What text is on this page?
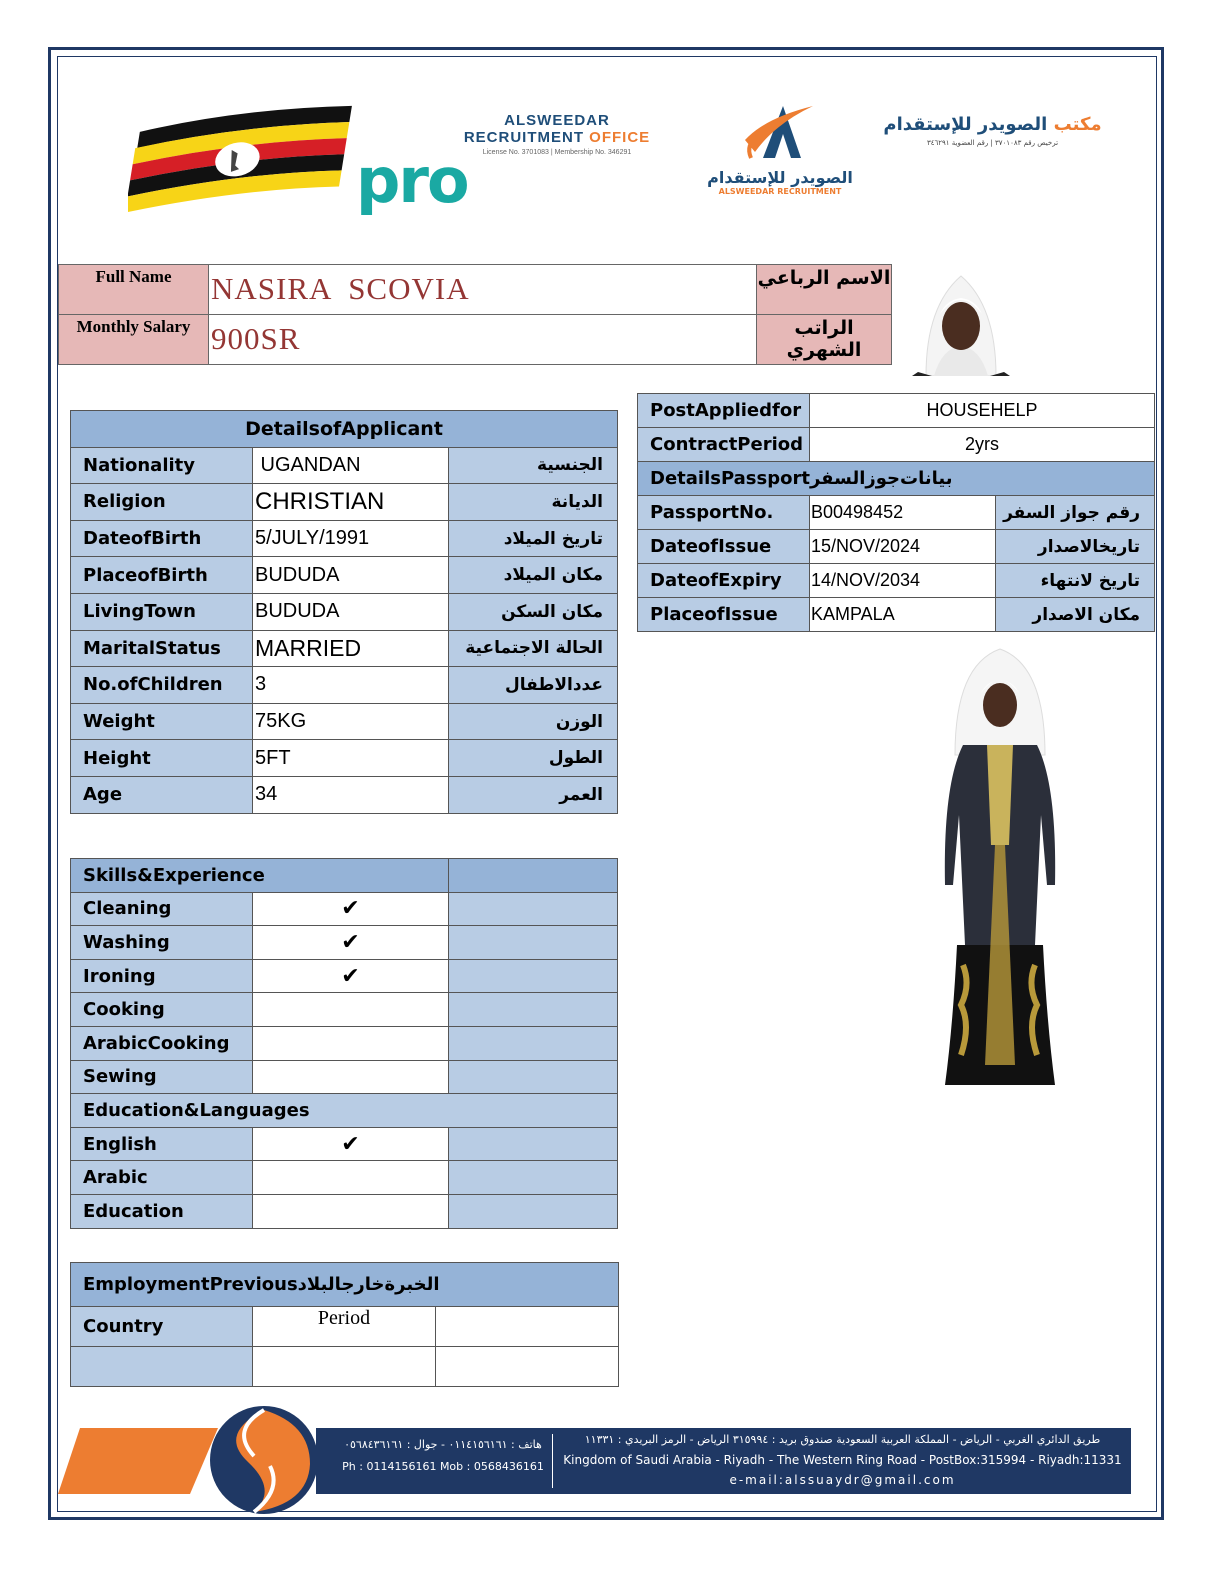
pro
ALSWEEDAR
RECRUITMENT OFFICE
License No. 3701083 | Membership No. 346291
الصويدر للإستقدام
ALSWEEDAR RECRUITMENT
مكتب الصويدر للإستقدام
ترخيص رقم ٣٧٠١٠٨٣ | رقم العضوية ٣٤٦٢٩١
Full Name	NASIRA  SCOVIA	الاسم الرباعي
Monthly Salary	900SR	الراتب الشهري
DetailsofApplicant		
Nationality	UGANDAN	الجنسية
Religion	CHRISTIAN	الديانة
DateofBirth	5/JULY/1991	تاريخ الميلاد
PlaceofBirth	BUDUDA	مكان الميلاد
LivingTown	BUDUDA	مكان السكن
MaritalStatus	MARRIED	الحالة الاجتماعية
No.ofChildren	3	عددالاطفال
Weight	75KG	الوزن
Height	5FT	الطول
Age	34	العمر
PostAppliedfor	HOUSEHELP	
ContractPeriod	2yrs	
DetailsPassportبيانات‌جوزالسفر		
PassportNo.	B00498452	رقم جواز السفر
DateofIssue	15/NOV/2024	تاريخالاصدار
DateofExpiry	14/NOV/2034	تاريخ لانتهاء
PlaceofIssue	KAMPALA	مكان الاصدار
Skills&Experience		
Cleaning	✔	
Washing	✔	
Ironing	✔	
Cooking		
ArabicCooking		
Sewing		
Education&Languages		
English	✔	
Arabic		
Education		
EmploymentPreviousالخبرةخارجالبلاد		
Country	Period	

هاتف : ٠١١٤١٥٦١٦١ - جوال : ٠٥٦٨٤٣٦١٦١
Ph : 0114156161 Mob : 0568436161
طريق الدائري الغربي - الرياض - المملكة العربية السعودية صندوق بريد : ٣١٥٩٩٤ الرياض - الرمز البريدي : ١١٣٣١
Kingdom of Saudi Arabia - Riyadh - The Western Ring Road - PostBox:315994 - Riyadh:11331
e-mail:alssuaydr@gmail.com
